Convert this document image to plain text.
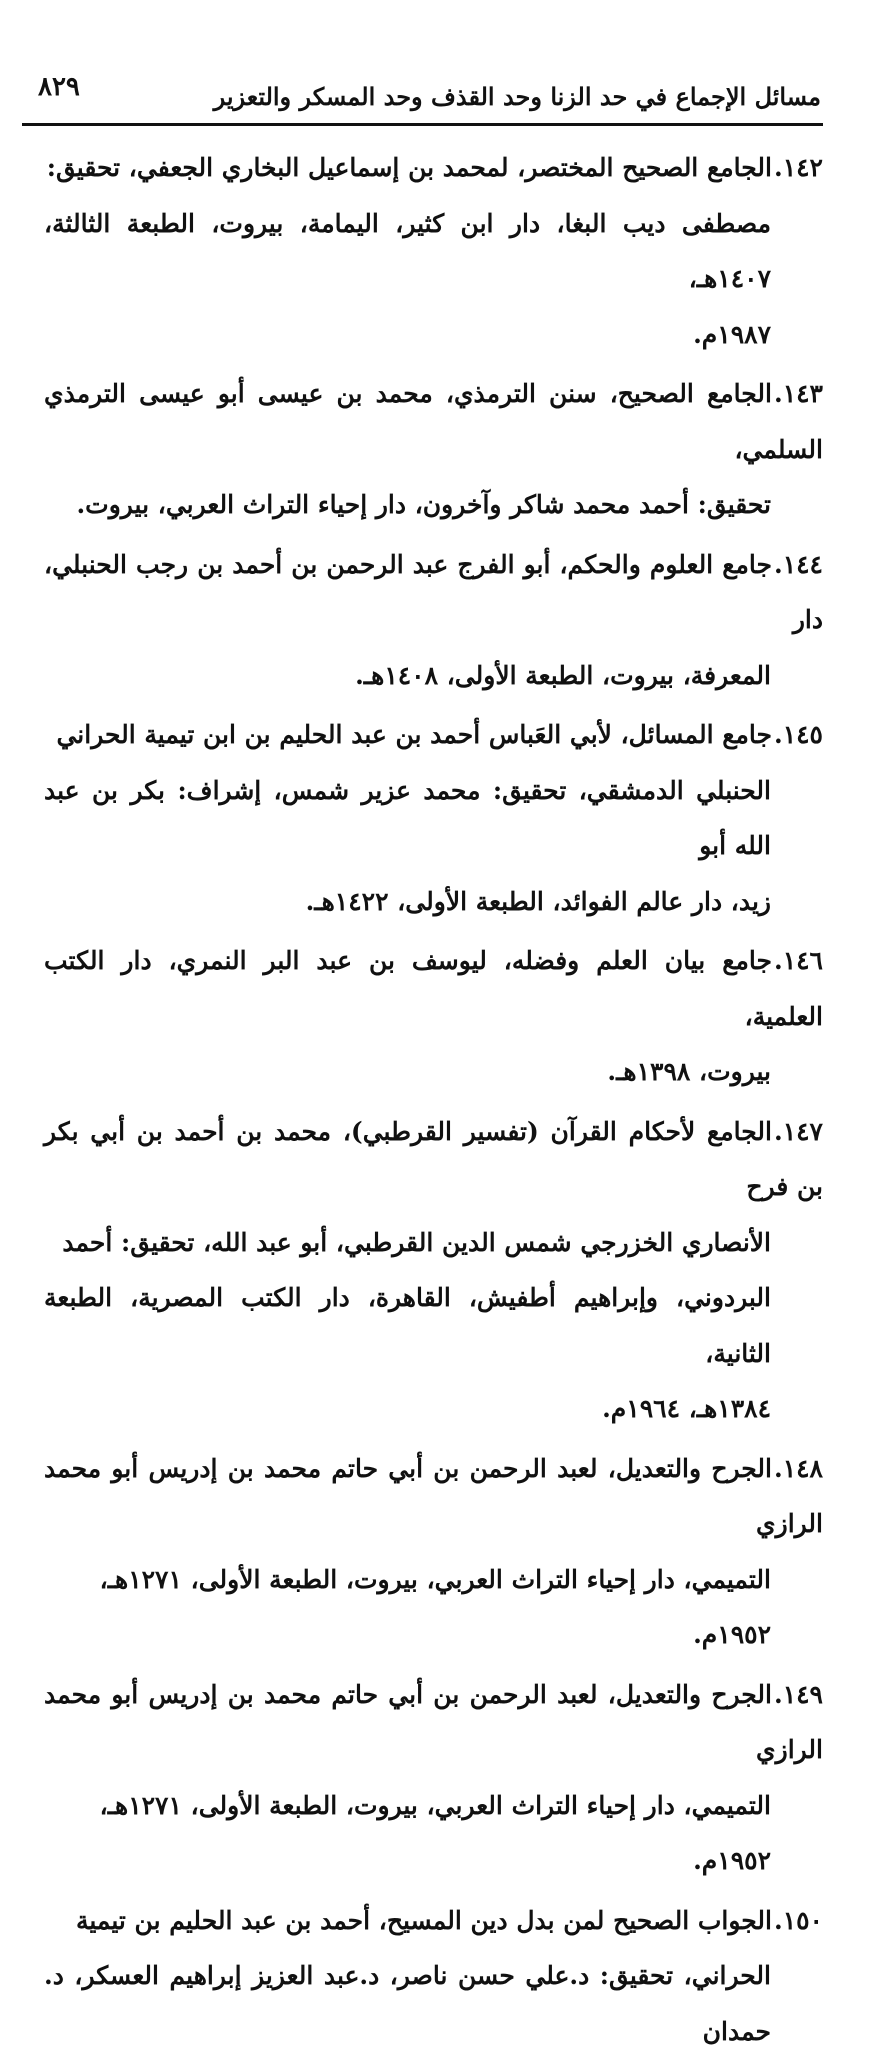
مسائل الإجماع في حد الزنا وحد القذف وحد المسكر والتعزير
٨٢٩
١٤٢.الجامع الصحيح المختصر، لمحمد بن إسماعيل البخاري الجعفي، تحقيق:
مصطفى ديب البغا، دار ابن كثير، اليمامة، بيروت، الطبعة الثالثة، ١٤٠٧هـ،
١٩٨٧م.
١٤٣.الجامع الصحيح، سنن الترمذي، محمد بن عيسى أبو عيسى الترمذي السلمي،
تحقيق: أحمد محمد شاكر وآخرون، دار إحياء التراث العربي، بيروت.
١٤٤.جامع العلوم والحكم، أبو الفرج عبد الرحمن بن أحمد بن رجب الحنبلي، دار
المعرفة، بيروت، الطبعة الأولى، ١٤٠٨هـ.
١٤٥.جامع المسائل، لأبي العَباس أحمد بن عبد الحليم بن ابن تيمية الحراني
الحنبلي الدمشقي، تحقيق: محمد عزير شمس، إشراف: بكر بن عبد الله أبو
زيد، دار عالم الفوائد، الطبعة الأولى، ١٤٢٢هـ.
١٤٦.جامع بيان العلم وفضله، ليوسف بن عبد البر النمري، دار الكتب العلمية،
بيروت، ١٣٩٨هـ.
١٤٧.الجامع لأحكام القرآن (تفسير القرطبي)، محمد بن أحمد بن أبي بكر بن فرح
الأنصاري الخزرجي شمس الدين القرطبي، أبو عبد الله، تحقيق: أحمد
البردوني، وإبراهيم أطفيش، القاهرة، دار الكتب المصرية، الطبعة الثانية،
١٣٨٤هـ، ١٩٦٤م.
١٤٨.الجرح والتعديل، لعبد الرحمن بن أبي حاتم محمد بن إدريس أبو محمد الرازي
التميمي، دار إحياء التراث العربي، بيروت، الطبعة الأولى، ١٢٧١هـ،
١٩٥٢م.
١٤٩.الجرح والتعديل، لعبد الرحمن بن أبي حاتم محمد بن إدريس أبو محمد الرازي
التميمي، دار إحياء التراث العربي، بيروت، الطبعة الأولى، ١٢٧١هـ،
١٩٥٢م.
١٥٠.الجواب الصحيح لمن بدل دين المسيح، أحمد بن عبد الحليم بن تيمية
الحراني، تحقيق: د.علي حسن ناصر، د.عبد العزيز إبراهيم العسكر، د. حمدان
